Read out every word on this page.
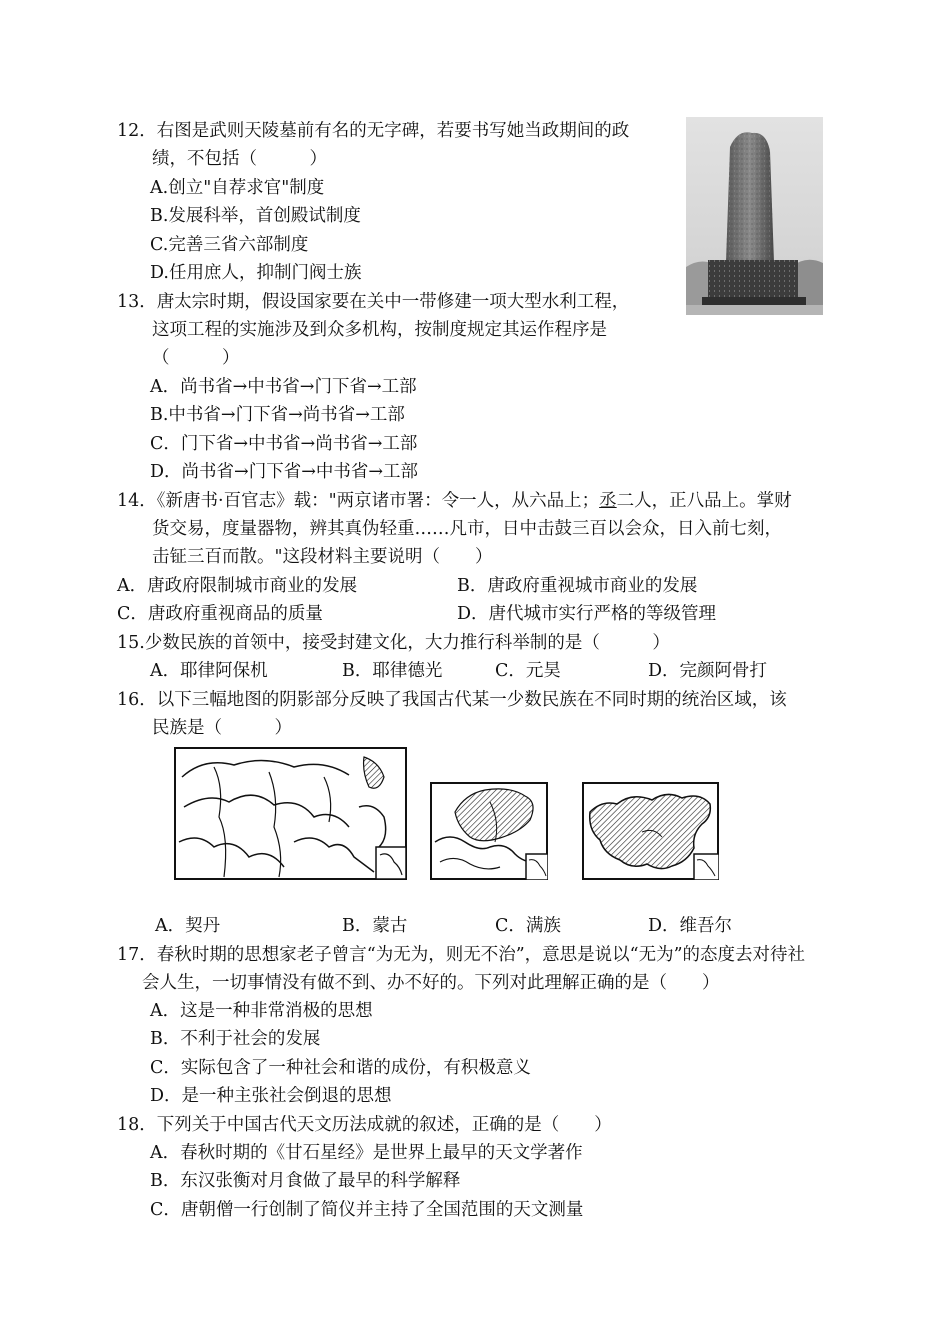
12．右图是武则天陵墓前有名的无字碑，若要书写她当政期间的政
绩，不包括（　　　）
A.创立"自荐求官"制度
B.发展科举，首创殿试制度
C.完善三省六部制度
D.任用庶人，抑制门阀士族
13．唐太宗时期，假设国家要在关中一带修建一项大型水利工程，
这项工程的实施涉及到众多机构，按制度规定其运作程序是
（　　　）
A．尚书省→中书省→门下省→工部
B.中书省→门下省→尚书省→工部
C．门下省→中书省→尚书省→工部
D．尚书省→门下省→中书省→工部
14．《新唐书·百官志》载："两京诸市署：令一人，从六品上；丞二人，正八品上。掌财
货交易，度量器物，辨其真伪轻重……凡市，日中击鼓三百以会众，日入前七刻，
击钲三百而散。"这段材料主要说明（　　）
A．唐政府限制城市商业的发展	B．唐政府重视城市商业的发展
C．唐政府重视商品的质量	D．唐代城市实行严格的等级管理
15.少数民族的首领中，接受封建文化，大力推行科举制的是（　　　）
A．耶律阿保机	B．耶律德光	C．元昊	D．完颜阿骨打
16．以下三幅地图的阴影部分反映了我国古代某一少数民族在不同时期的统治区域，该
民族是（　　　）
A．契丹	B．蒙古	C．满族	D．维吾尔
17．春秋时期的思想家老子曾言“为无为，则无不治”，意思是说以“无为”的态度去对待社
会人生，一切事情没有做不到、办不好的。下列对此理解正确的是（　　）
A．这是一种非常消极的思想
B．不利于社会的发展
C．实际包含了一种社会和谐的成份，有积极意义
D．是一种主张社会倒退的思想
18．下列关于中国古代天文历法成就的叙述，正确的是（　　）
A．春秋时期的《甘石星经》是世界上最早的天文学著作
B．东汉张衡对月食做了最早的科学解释
C．唐朝僧一行创制了简仪并主持了全国范围的天文测量
